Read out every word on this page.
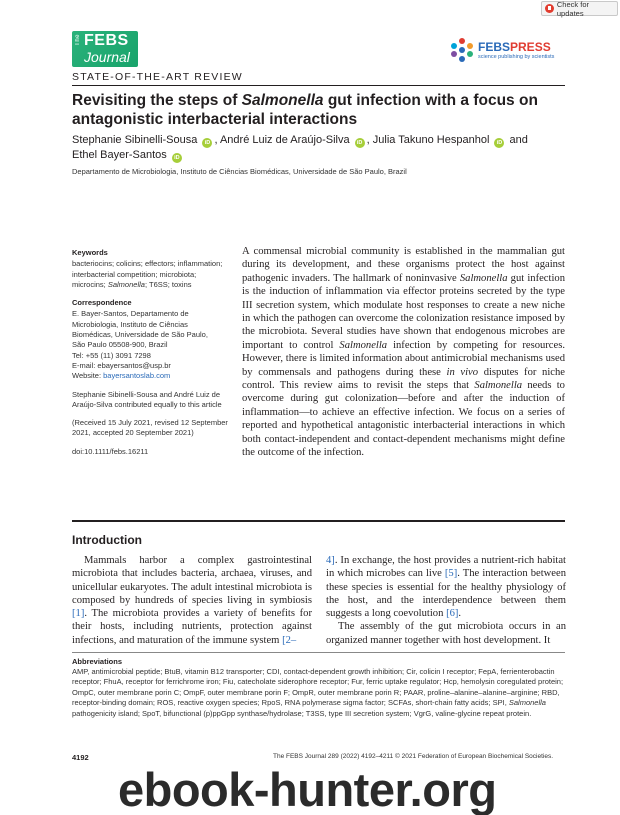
Check for updates
The FEBS
Journal
FEBSPRESS
science publishing by scientists
STATE-OF-THE-ART REVIEW
Revisiting the steps of Salmonella gut infection with a focus on antagonistic interbacterial interactions
Stephanie Sibinelli-Sousa iD , André Luiz de Araújo-Silva iD , Julia Takuno Hespanhol iD and
Ethel Bayer-Santos iD
Departamento de Microbiologia, Instituto de Ciências Biomédicas, Universidade de São Paulo, Brazil
Keywords
bacteriocins; colicins; effectors; inflammation; interbacterial competition; microbiota; microcins; Salmonella; T6SS; toxins
Correspondence
E. Bayer-Santos, Departamento de
Microbiologia, Instituto de Ciências
Biomédicas, Universidade de São Paulo,
São Paulo 05508-900, Brazil
Tel: +55 (11) 3091 7298
E-mail: ebayersantos@usp.br
Website: bayersantoslab.com
Stephanie Sibinelli-Sousa and André Luiz de Araújo-Silva contributed equally to this article
(Received 15 July 2021, revised 12 September 2021, accepted 20 September 2021)
doi:10.1111/febs.16211
A commensal microbial community is established in the mammalian gut during its development, and these organisms protect the host against pathogenic invaders. The hallmark of noninvasive Salmonella gut infection is the induction of inflammation via effector proteins secreted by the type III secretion system, which modulate host responses to create a new niche in which the pathogen can overcome the colonization resistance imposed by the microbiota. Several studies have shown that endogenous microbes are important to control Salmonella infection by competing for resources. However, there is limited information about antimicrobial mechanisms used by commensals and pathogens during these in vivo disputes for niche control. This review aims to revisit the steps that Salmonella needs to overcome during gut colonization—before and after the induction of inflammation—to achieve an effective infection. We focus on a series of reported and hypothetical antagonistic interbacterial interactions in which both contact-independent and contact-dependent mechanisms might define the outcome of the infection.
Introduction

Mammals harbor a complex gastrointestinal microbiota that includes bacteria, archaea, viruses, and unicellular eukaryotes. The adult intestinal microbiota is composed by hundreds of species living in symbiosis [1]. The microbiota provides a variety of benefits for their hosts, including nutrients, protection against infections, and maturation of the immune system [2–

4]. In exchange, the host provides a nutrient-rich habitat in which microbes can live [5]. The interaction between these species is essential for the healthy physiology of the host, and the interdependence between them suggests a long coevolution [6].

The assembly of the gut microbiota occurs in an organized manner together with host development. It

Abbreviations
AMP, antimicrobial peptide; BtuB, vitamin B12 transporter; CDI, contact-dependent growth inhibition; Cir, colicin I receptor; FepA, ferrienterobactin receptor; FhuA, receptor for ferrichrome iron; Fiu, catecholate siderophore receptor; Fur, ferric uptake regulator; Hcp, hemolysin coregulated protein; OmpC, outer membrane porin C; OmpF, outer membrane porin F; OmpR, outer membrane porin R; PAAR, proline–alanine–alanine–arginine; RBD, receptor-binding domain; ROS, reactive oxygen species; RpoS, RNA polymerase sigma factor; SCFAs, short-chain fatty acids; SPI, Salmonella pathogenicity island; SpoT, bifunctional (p)ppGpp synthase/hydrolase; T3SS, type III secretion system; VgrG, valine-glycine repeat protein.
4192	The FEBS Journal 289 (2022) 4192–4211 © 2021 Federation of European Biochemical Societies.
ebook-hunter.org
